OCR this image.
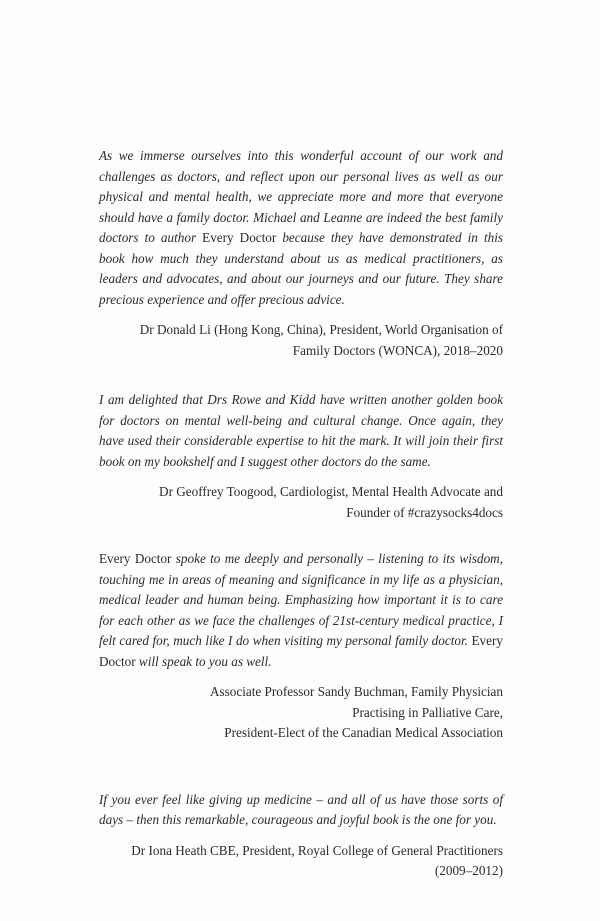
As we immerse ourselves into this wonderful account of our work and challenges as doctors, and reflect upon our personal lives as well as our physical and mental health, we appreciate more and more that everyone should have a family doctor. Michael and Leanne are indeed the best family doctors to author Every Doctor because they have demonstrated in this book how much they understand about us as medical practitioners, as leaders and advocates, and about our journeys and our future. They share precious experience and offer precious advice.

Dr Donald Li (Hong Kong, China), President, World Organisation of
Family Doctors (WONCA), 2018–2020

I am delighted that Drs Rowe and Kidd have written another golden book for doctors on mental well-being and cultural change. Once again, they have used their considerable expertise to hit the mark. It will join their first book on my bookshelf and I suggest other doctors do the same.

Dr Geoffrey Toogood, Cardiologist, Mental Health Advocate and
Founder of #crazysocks4docs

Every Doctor spoke to me deeply and personally – listening to its wisdom, touching me in areas of meaning and significance in my life as a physician, medical leader and human being. Emphasizing how important it is to care for each other as we face the challenges of 21st-century medical practice, I felt cared for, much like I do when visiting my personal family doctor. Every Doctor will speak to you as well.

Associate Professor Sandy Buchman, Family Physician
Practising in Palliative Care,
President-Elect of the Canadian Medical Association

If you ever feel like giving up medicine – and all of us have those sorts of days – then this remarkable, courageous and joyful book is the one for you.

Dr Iona Heath CBE, President, Royal College of General Practitioners
(2009–2012)
